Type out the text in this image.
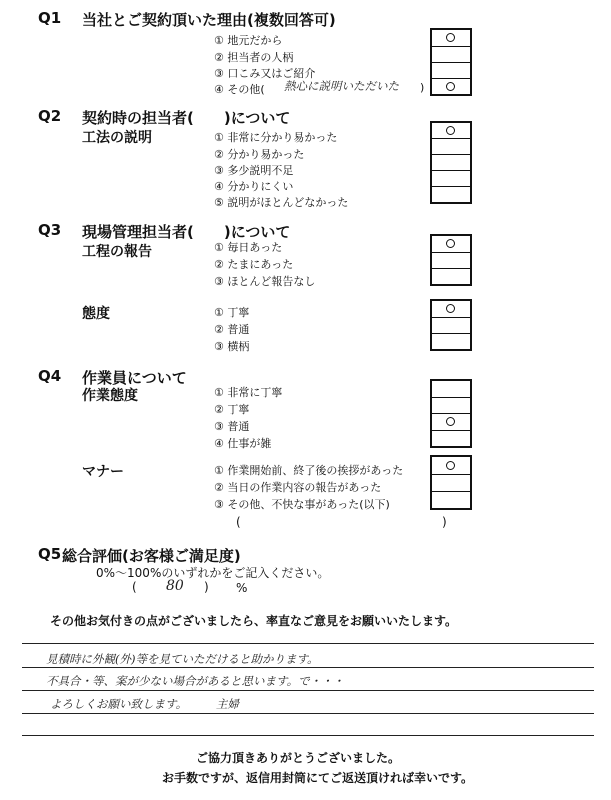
Q1 当社とご契約頂いた理由(複数回答可)
① 地元だから
② 担当者の人柄
③ 口こみ又はご紹介
④ その他( 熱心に説明いただいた )
Q2 契約時の担当者(　　)について
工法の説明	① 非常に分かり易かった
② 分かり易かった
③ 多少説明不足
④ 分かりにくい
⑤ 説明がほとんどなかった
Q3 現場管理担当者(　　)について
工程の報告	① 毎日あった
② たまにあった
③ ほとんど報告なし
態度	① 丁寧
② 普通
③ 横柄
Q4 作業員について
作業態度	① 非常に丁寧
② 丁寧
③ 普通
④ 仕事が雑
マナー	① 作業開始前、終了後の挨拶があった
② 当日の作業内容の報告があった
③ その他、不快な事があった(以下)
(	)
Q5 総合評価(お客様ご満足度)
0%～100%のいずれかをご記入ください。
( 80 ) %
その他お気付きの点がございましたら、率直なご意見をお願いいたします。
見積時に外観(外)等を見ていただけると助かります。
不具合・等、案が少ない場合があると思います。で・・・
よろしくお願い致します。　　　主婦
ご協力頂きありがとうございました。
お手数ですが、返信用封筒にてご返送頂ければ幸いです。
